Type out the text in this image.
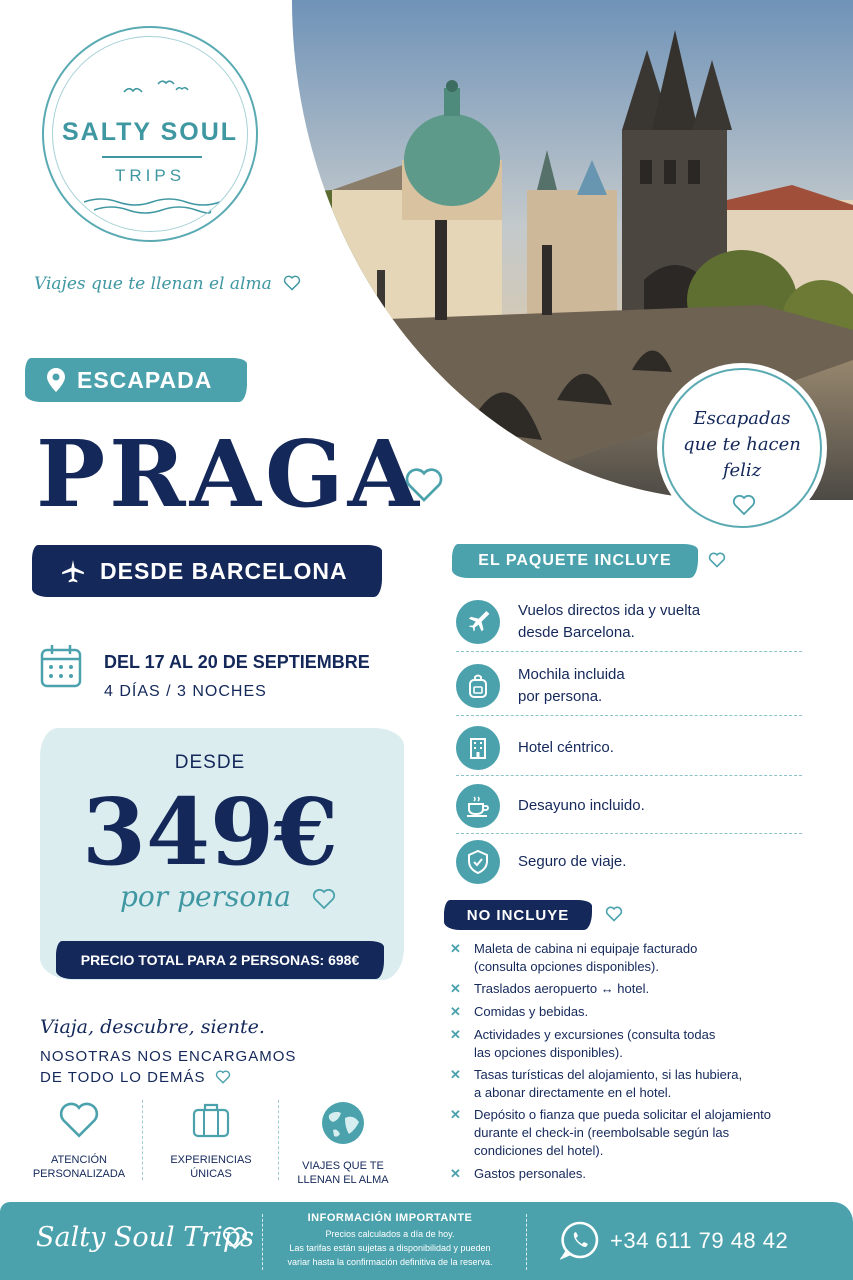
SALTY SOUL
TRIPS
Viajes que te llenan el alma
ESCAPADA
PRAGA
DESDE BARCELONA
DEL 17 AL 20 DE SEPTIEMBRE
4 DÍAS / 3 NOCHES
DESDE
349€
por persona
PRECIO TOTAL PARA 2 PERSONAS: 698€
Viaja, descubre, siente.
NOSOTRAS NOS ENCARGAMOS
DE TODO LO DEMÁS
ATENCIÓN
PERSONALIZADA
EXPERIENCIAS
ÚNICAS
VIAJES QUE TE
LLENAN EL ALMA
Escapadas
que te hacen
feliz
EL PAQUETE INCLUYE
Vuelos directos ida y vuelta
desde Barcelona.
Mochila incluida
por persona.
Hotel céntrico.
Desayuno incluido.
Seguro de viaje.
NO INCLUYE
✕ Maleta de cabina ni equipaje facturado
(consulta opciones disponibles).
✕ Traslados aeropuerto ↔ hotel.
✕ Comidas y bebidas.
✕ Actividades y excursiones (consulta todas
las opciones disponibles).
✕ Tasas turísticas del alojamiento, si las hubiera,
a abonar directamente en el hotel.
✕ Depósito o fianza que pueda solicitar el alojamiento
durante el check-in (reembolsable según las
condiciones del hotel).
✕ Gastos personales.
Salty Soul Trips
INFORMACIÓN IMPORTANTE
Precios calculados a día de hoy.
Las tarifas están sujetas a disponibilidad y pueden
variar hasta la confirmación definitiva de la reserva.
+34 611 79 48 42
